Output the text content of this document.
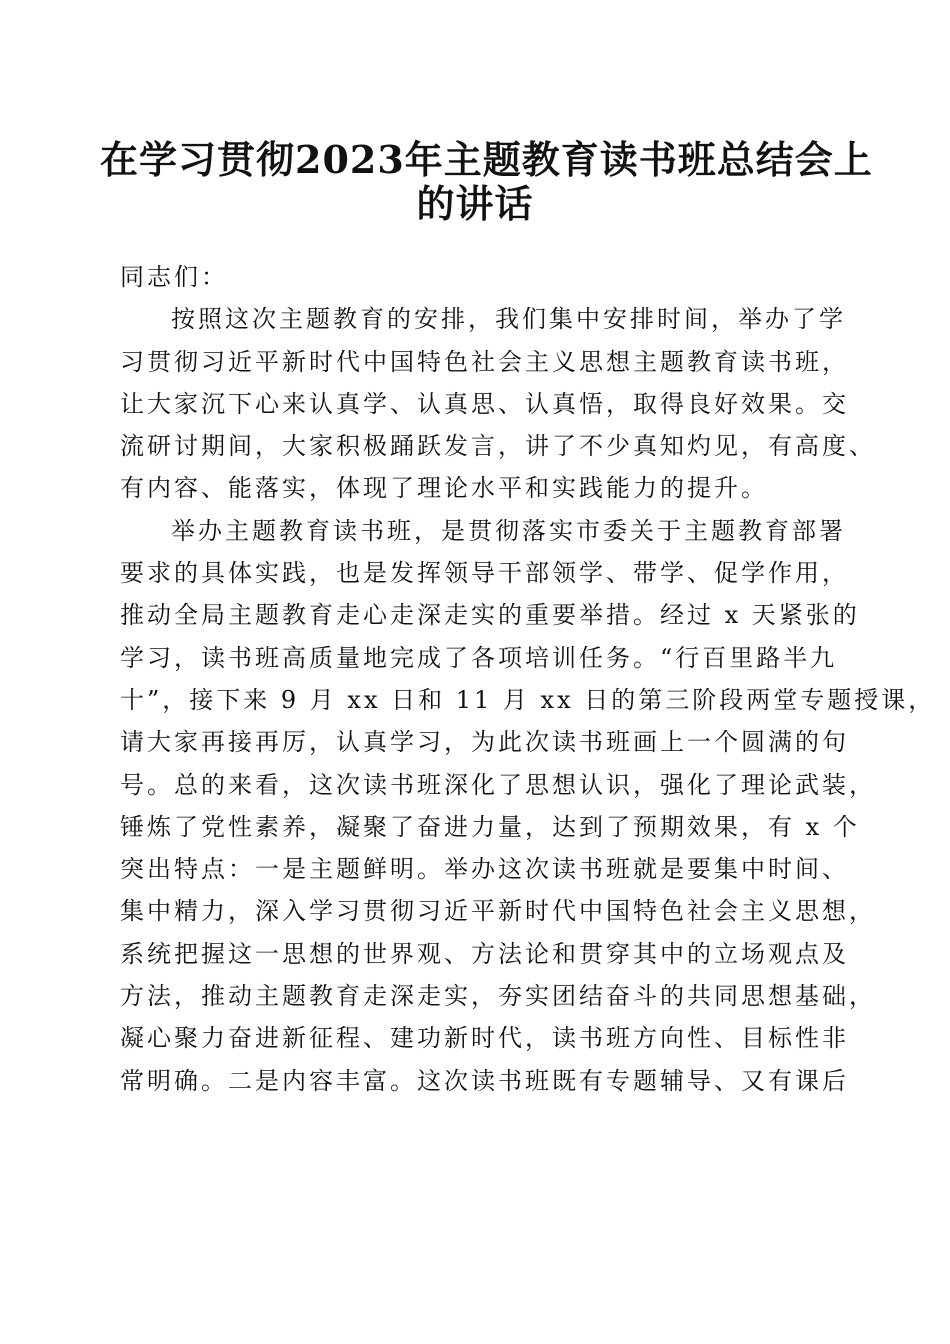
在学习贯彻2023年主题教育读书班总结会上
的讲话

同志们：

按照这次主题教育的安排，我们集中安排时间，举办了学
习贯彻习近平新时代中国特色社会主义思想主题教育读书班，
让大家沉下心来认真学、认真思、认真悟，取得良好效果。交
流研讨期间，大家积极踊跃发言，讲了不少真知灼见，有高度、
有内容、能落实，体现了理论水平和实践能力的提升。

举办主题教育读书班，是贯彻落实市委关于主题教育部署
要求的具体实践，也是发挥领导干部领学、带学、促学作用，
推动全局主题教育走心走深走实的重要举措。经过 x 天紧张的
学习，读书班高质量地完成了各项培训任务。“行百里路半九
十”，接下来 9 月 xx 日和 11 月 xx 日的第三阶段两堂专题授课，
请大家再接再厉，认真学习，为此次读书班画上一个圆满的句
号。总的来看，这次读书班深化了思想认识，强化了理论武装，
锤炼了党性素养，凝聚了奋进力量，达到了预期效果，有 x 个
突出特点：一是主题鲜明。举办这次读书班就是要集中时间、
集中精力，深入学习贯彻习近平新时代中国特色社会主义思想，
系统把握这一思想的世界观、方法论和贯穿其中的立场观点及
方法，推动主题教育走深走实，夯实团结奋斗的共同思想基础，
凝心聚力奋进新征程、建功新时代，读书班方向性、目标性非
常明确。二是内容丰富。这次读书班既有专题辅导、又有课后
